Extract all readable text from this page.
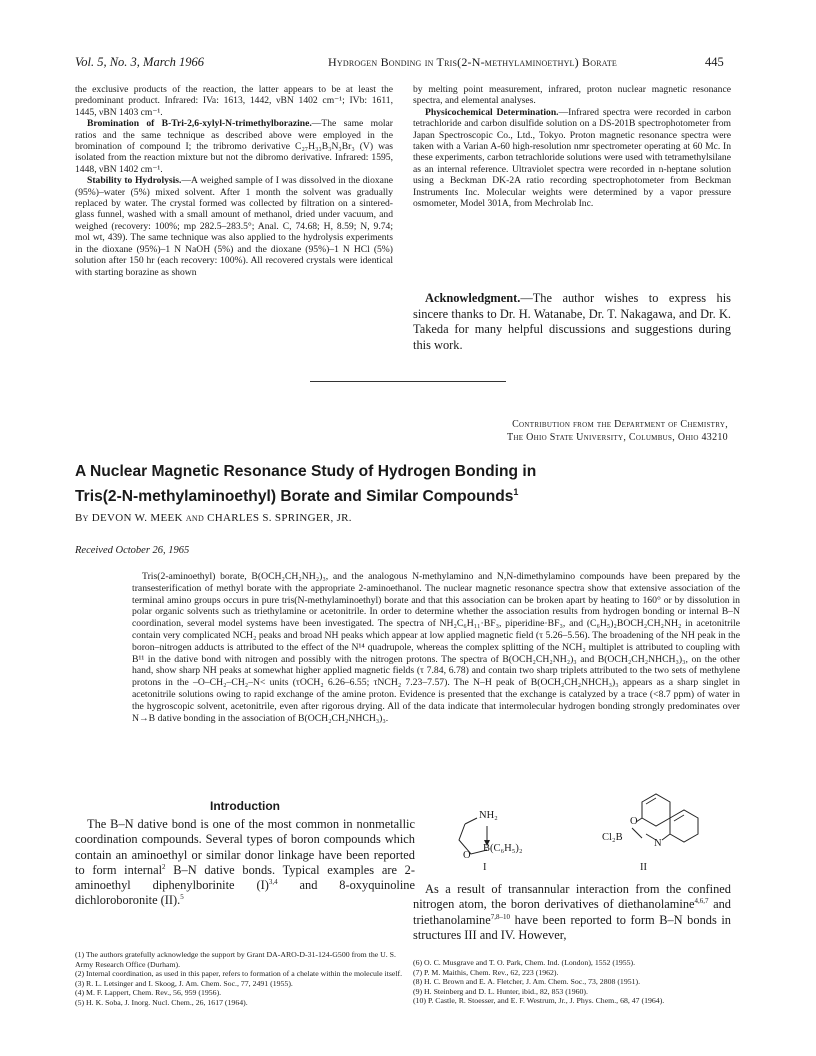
Vol. 5, No. 3, March 1966	Hydrogen Bonding in Tris(2-N-methylaminoethyl) Borate	445

the exclusive products of the reaction, the latter appears to be at least the predominant product. Infrared: IVa: 1613, 1442, νBN 1402 cm⁻¹; IVb: 1611, 1445, νBN 1403 cm⁻¹.

Bromination of B-Tri-2,6-xylyl-N-trimethylborazine.—The same molar ratios and the same technique as described above were employed in the bromination of compound I; the tribromo derivative C₂₇H₃₃B₃N₃Br₃ (V) was isolated from the reaction mixture but not the dibromo derivative. Infrared: 1595, 1448, νBN 1402 cm⁻¹.

Stability to Hydrolysis.—A weighed sample of I was dissolved in the dioxane (95%)–water (5%) mixed solvent. After 1 month the solvent was gradually replaced by water. The crystal formed was collected by filtration on a sintered-glass funnel, washed with a small amount of methanol, dried under vacuum, and weighed (recovery: 100%; mp 282.5–283.5°; Anal. C, 74.68; H, 8.59; N, 9.74; mol wt, 439). The same technique was also applied to the hydrolysis experiments in the dioxane (95%)–1 N NaOH (5%) and the dioxane (95%)–1 N HCl (5%) solution after 150 hr (each recovery: 100%). All recovered crystals were identical with starting borazine as shown

by melting point measurement, infrared, proton nuclear magnetic resonance spectra, and elemental analyses.

Physicochemical Determination.—Infrared spectra were recorded in carbon tetrachloride and carbon disulfide solution on a DS-201B spectrophotometer from Japan Spectroscopic Co., Ltd., Tokyo. Proton magnetic resonance spectra were taken with a Varian A-60 high-resolution nmr spectrometer operating at 60 Mc. In these experiments, carbon tetrachloride solutions were used with tetramethylsilane as an internal reference. Ultraviolet spectra were recorded in n-heptane solution using a Beckman DK-2A ratio recording spectrophotometer from Beckman Instruments Inc. Molecular weights were determined by a vapor pressure osmometer, Model 301A, from Mechrolab Inc.

Acknowledgment.—The author wishes to express his sincere thanks to Dr. H. Watanabe, Dr. T. Nakagawa, and Dr. K. Takeda for many helpful discussions and suggestions during this work.

Contribution from the Department of Chemistry,
The Ohio State University, Columbus, Ohio 43210
A Nuclear Magnetic Resonance Study of Hydrogen Bonding in
Tris(2-N-methylaminoethyl) Borate and Similar Compounds$^1$
By DEVON W. MEEK and CHARLES S. SPRINGER, JR.
Received October 26, 1965
Tris(2-aminoethyl) borate, B(OCH₂CH₂NH₂)₃, and the analogous N-methylamino and N,N-dimethylamino compounds have been prepared by the transesterification of methyl borate with the appropriate 2-aminoethanol. The nuclear magnetic resonance spectra show that extensive association of the terminal amino groups occurs in pure tris(N-methylaminoethyl) borate and that this association can be broken apart by heating to 160° or by dissolution in polar organic solvents such as triethylamine or acetonitrile. In order to determine whether the association results from hydrogen bonding or internal B–N coordination, several model systems have been investigated. The spectra of NH₂C₆H₁₁·BF₃, piperidine·BF₃, and (C₆H₅)₂BOCH₂CH₂NH₂ in acetonitrile contain very complicated NCH₂ peaks and broad NH peaks which appear at low applied magnetic field (τ 5.26–5.56). The broadening of the NH peak in the boron–nitrogen adducts is attributed to the effect of the N¹⁴ quadrupole, whereas the complex splitting of the NCH₂ multiplet is attributed to coupling with B¹¹ in the dative bond with nitrogen and possibly with the nitrogen protons. The spectra of B(OCH₂CH₂NH₂)₃ and B(OCH₂CH₂NHCH₃)₃, on the other hand, show sharp NH peaks at somewhat higher applied magnetic fields (τ 7.84, 6.78) and contain two sharp triplets attributed to the two sets of methylene protons in the –O–CH₂–CH₂–N< units (τOCH₂ 6.26–6.55; τNCH₂ 7.23–7.57). The N–H peak of B(OCH₂CH₂NHCH₃)₃ appears as a sharp singlet in acetonitrile solutions owing to rapid exchange of the amine proton. Evidence is presented that the exchange is catalyzed by a trace (<8.7 ppm) of water in the hygroscopic solvent, acetonitrile, even after rigorous drying. All of the data indicate that intermolecular hydrogen bonding strongly predominates over N→B dative bonding in the association of B(OCH₂CH₂NHCH₃)₃.
Introduction

The B–N dative bond is one of the most common in nonmetallic coordination compounds. Several types of boron compounds which contain an aminoethyl or similar donor linkage have been reported to form internal$^2$ B–N dative bonds. Typical examples are 2-aminoethyl diphenylborinite $(I)^{3,4}$ and 8-oxyquinoline dichloroboronite (II).$^5$

NH₂
O
B(C₆H₅)₂
I
O
Cl₂B
N
II

As a result of transannular interaction from the confined nitrogen atom, the boron derivatives of diethanolamine$^{4,6,7}$ and triethanolamine$^{7,8-10}$ have been reported to form B–N bonds in structures III and IV. However,

(1) The authors gratefully acknowledge the support by Grant DA-ARO-D-31-124-G500 from the U. S. Army Research Office (Durham).
(2) Internal coordination, as used in this paper, refers to formation of a chelate within the molecule itself.
(3) R. L. Letsinger and I. Skoog, J. Am. Chem. Soc., 77, 2491 (1955).
(4) M. F. Lappert, Chem. Rev., 56, 959 (1956).
(5) H. K. Soba, J. Inorg. Nucl. Chem., 26, 1617 (1964).
(6) O. C. Musgrave and T. O. Park, Chem. Ind. (London), 1552 (1955).
(7) P. M. Maithis, Chem. Rev., 62, 223 (1962).
(8) H. C. Brown and E. A. Fletcher, J. Am. Chem. Soc., 73, 2808 (1951).
(9) H. Steinberg and D. L. Hunter, ibid., 82, 853 (1960).
(10) P. Castle, R. Stoesser, and E. F. Westrum, Jr., J. Phys. Chem., 68, 47 (1964).
